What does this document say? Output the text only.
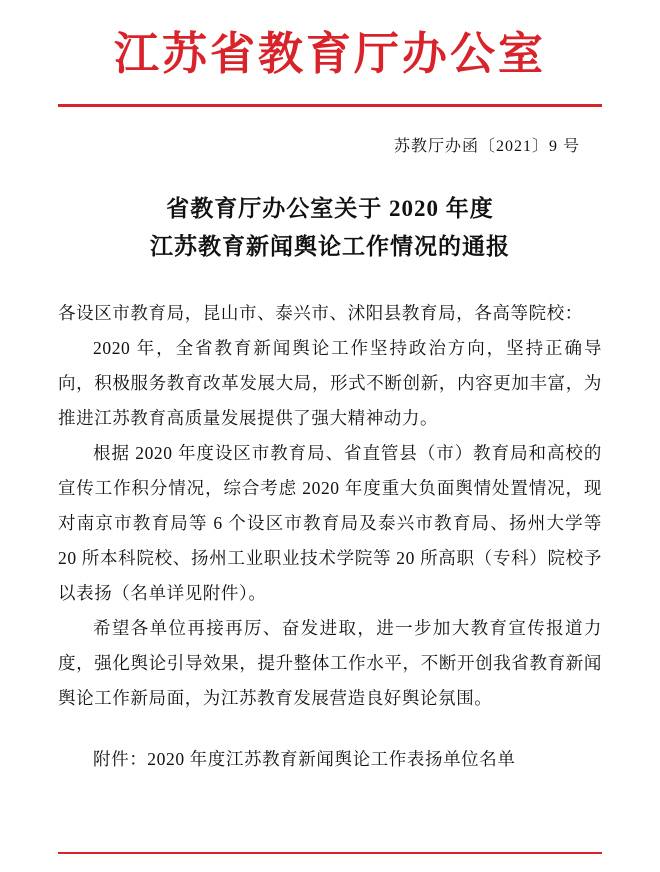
江苏省教育厅办公室
苏教厅办函〔2021〕9 号
省教育厅办公室关于 2020 年度
江苏教育新闻舆论工作情况的通报

各设区市教育局，昆山市、泰兴市、沭阳县教育局，各高等院校：

2020 年，全省教育新闻舆论工作坚持政治方向，坚持正确导向，积极服务教育改革发展大局，形式不断创新，内容更加丰富，为推进江苏教育高质量发展提供了强大精神动力。

根据 2020 年度设区市教育局、省直管县（市）教育局和高校的宣传工作积分情况，综合考虑 2020 年度重大负面舆情处置情况，现对南京市教育局等 6 个设区市教育局及泰兴市教育局、扬州大学等 20 所本科院校、扬州工业职业技术学院等 20 所高职（专科）院校予以表扬（名单详见附件）。

希望各单位再接再厉、奋发进取，进一步加大教育宣传报道力度，强化舆论引导效果，提升整体工作水平，不断开创我省教育新闻舆论工作新局面，为江苏教育发展营造良好舆论氛围。

附件：2020 年度江苏教育新闻舆论工作表扬单位名单
